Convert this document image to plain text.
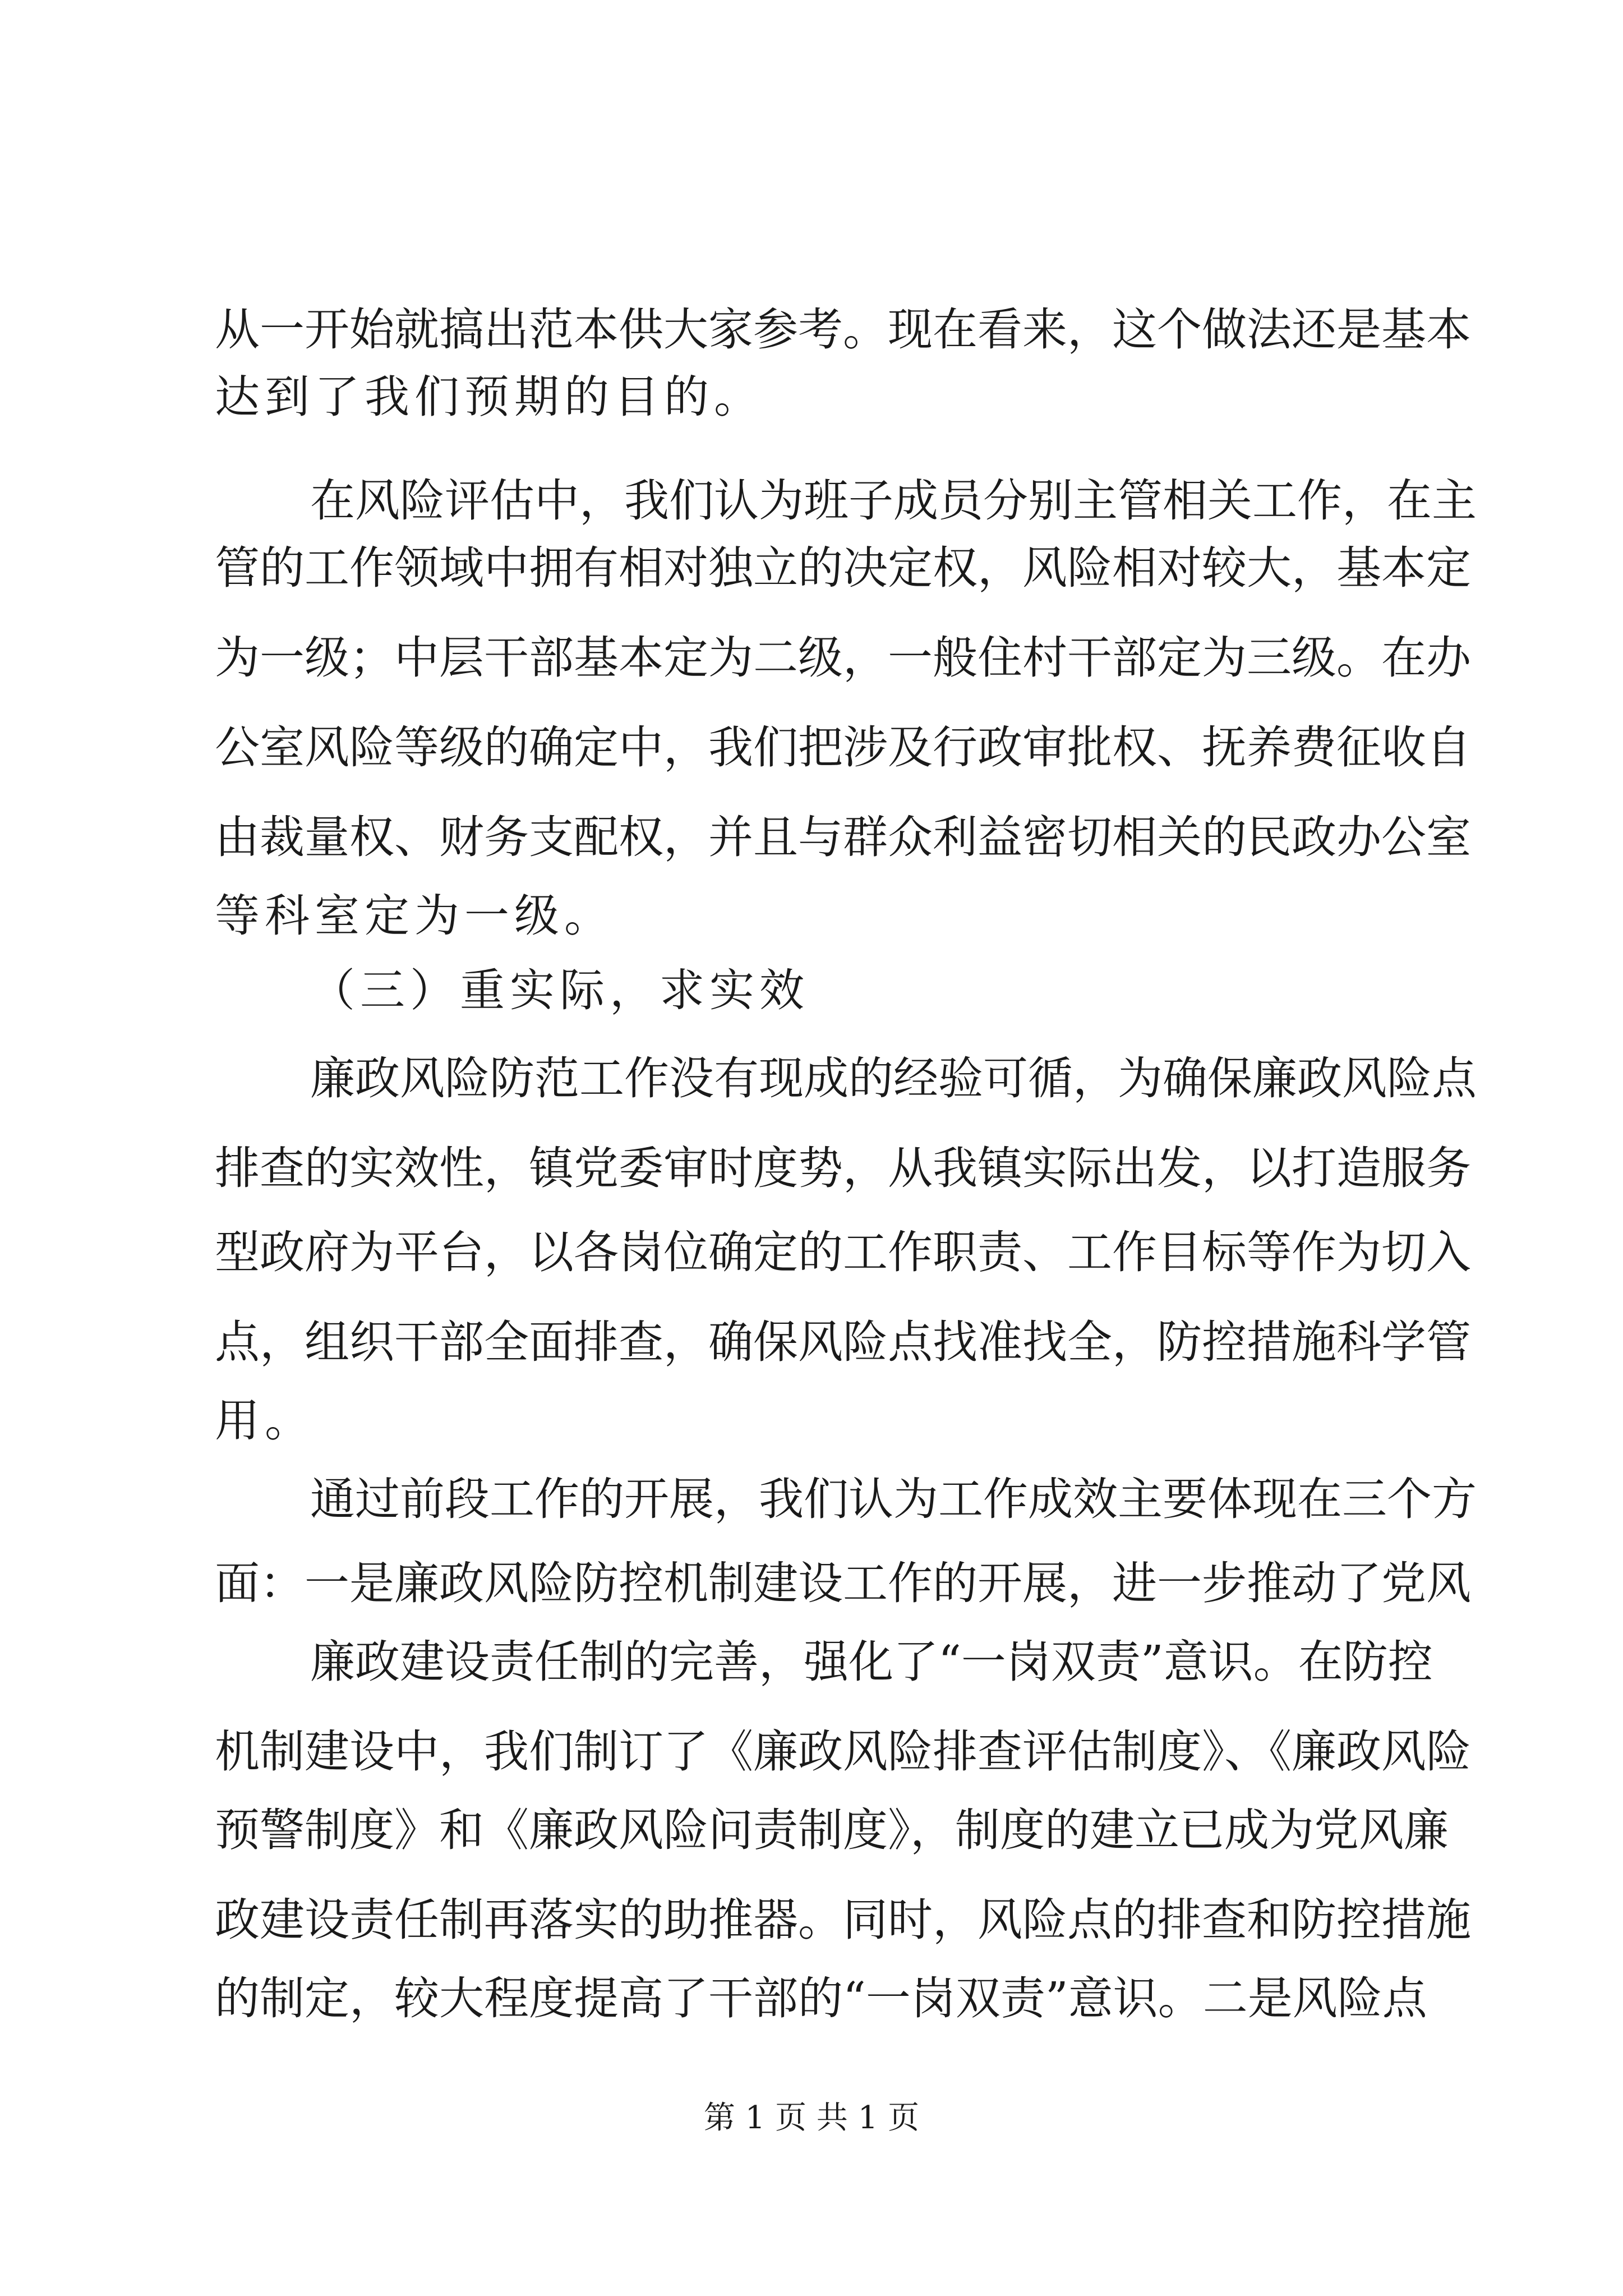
从一开始就搞出范本供大家参考。现在看来，这个做法还是基本
达到了我们预期的目的。
在风险评估中，我们认为班子成员分别主管相关工作，在主
管的工作领域中拥有相对独立的决定权，风险相对较大，基本定
为一级；中层干部基本定为二级，一般住村干部定为三级。在办
公室风险等级的确定中，我们把涉及行政审批权、抚养费征收自
由裁量权、财务支配权，并且与群众利益密切相关的民政办公室
等科室定为一级。
（三）重实际，求实效
廉政风险防范工作没有现成的经验可循，为确保廉政风险点
排查的实效性，镇党委审时度势，从我镇实际出发，以打造服务
型政府为平台，以各岗位确定的工作职责、工作目标等作为切入
点，组织干部全面排查，确保风险点找准找全，防控措施科学管
用。
通过前段工作的开展，我们认为工作成效主要体现在三个方
面：一是廉政风险防控机制建设工作的开展，进一步推动了党风
廉政建设责任制的完善，强化了“一岗双责”意识。在防控
机制建设中，我们制订了《廉政风险排查评估制度》、《廉政风险
预警制度》和《廉政风险问责制度》，制度的建立已成为党风廉
政建设责任制再落实的助推器。同时，风险点的排查和防控措施
的制定，较大程度提高了干部的“一岗双责”意识。二是风险点
第 1 页 共 1 页
